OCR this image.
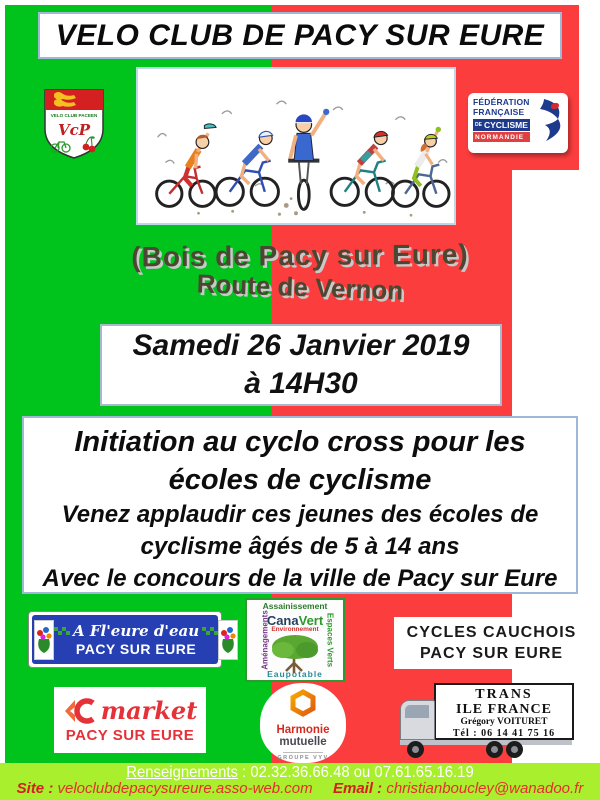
VELO CLUB DE PACY SUR EURE
VELO CLUB PACEEN
VcP
FÉDÉRATION
FRANÇAISE
DE CYCLISME
NORMANDIE
(Bois de Pacy sur Eure)
Route de Vernon
Samedi 26 Janvier 2019
à 14H30
Initiation au cyclo cross pour les
écoles de cyclisme
Venez applaudir ces jeunes des écoles de
cyclisme âgés de 5 à 14 ans
Avec le concours de la ville de Pacy sur Eure
A Fl'eure d'eau
PACY SUR EURE
Assainissement
Aménagements	Espaces Verts
Eaupotable
CanaVert
Environnement	CYCLES CAUCHOIS
PACY SUR EURE
market
PACY SUR EURE	Harmonie
mutuelle
GROUPE VYV
TRANS
ILE FRANCE
Grégory VOITURET
Tél : 06 14 41 75 16
Renseignements : 02.32.36.66.48 ou 07.61.65.16.19
Site : veloclubdepacysureure.asso-web.com Email : christianboucley@wanadoo.fr
